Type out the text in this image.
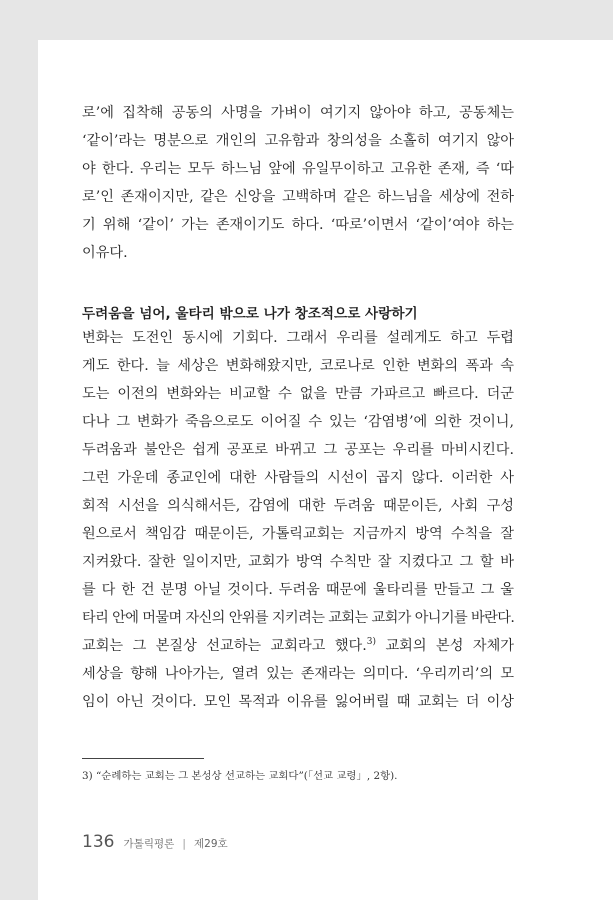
로’에 집착해 공동의 사명을 가벼이 여기지 않아야 하고, 공동체는
‘같이’라는 명분으로 개인의 고유함과 창의성을 소홀히 여기지 않아
야 한다. 우리는 모두 하느님 앞에 유일무이하고 고유한 존재, 즉 ‘따
로’인 존재이지만, 같은 신앙을 고백하며 같은 하느님을 세상에 전하
기 위해 ‘같이’ 가는 존재이기도 하다. ‘따로’이면서 ‘같이’여야 하는
이유다.
두려움을 넘어, 울타리 밖으로 나가 창조적으로 사랑하기
변화는 도전인 동시에 기회다. 그래서 우리를 설레게도 하고 두렵
게도 한다. 늘 세상은 변화해왔지만, 코로나로 인한 변화의 폭과 속
도는 이전의 변화와는 비교할 수 없을 만큼 가파르고 빠르다. 더군
다나 그 변화가 죽음으로도 이어질 수 있는 ‘감염병’에 의한 것이니,
두려움과 불안은 쉽게 공포로 바뀌고 그 공포는 우리를 마비시킨다.
그런 가운데 종교인에 대한 사람들의 시선이 곱지 않다. 이러한 사
회적 시선을 의식해서든, 감염에 대한 두려움 때문이든, 사회 구성
원으로서 책임감 때문이든, 가톨릭교회는 지금까지 방역 수칙을 잘
지켜왔다. 잘한 일이지만, 교회가 방역 수칙만 잘 지켰다고 그 할 바
를 다 한 건 분명 아닐 것이다. 두려움 때문에 울타리를 만들고 그 울
타리 안에 머물며 자신의 안위를 지키려는 교회는 교회가 아니기를 바란다.
교회는 그 본질상 선교하는 교회라고 했다.$^{3)}$ 교회의 본성 자체가
세상을 향해 나아가는, 열려 있는 존재라는 의미다. ‘우리끼리’의 모
임이 아닌 것이다. 모인 목적과 이유를 잃어버릴 때 교회는 더 이상
3) “순례하는 교회는 그 본성상 선교하는 교회다”(「선교 교령」, 2항).
136 가톨릭평론 | 제29호
